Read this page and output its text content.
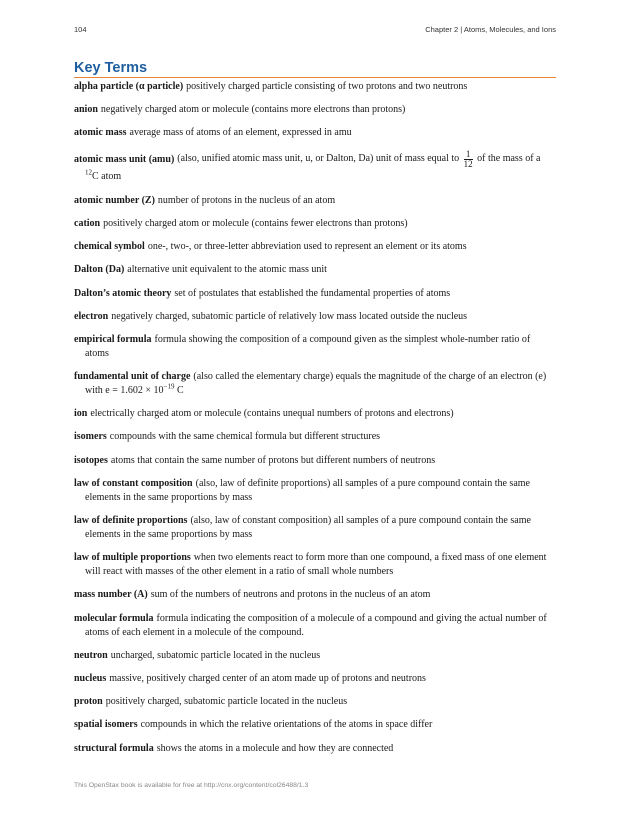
104	Chapter 2 | Atoms, Molecules, and Ions
Key Terms
alpha particle (α particle) positively charged particle consisting of two protons and two neutrons
anion negatively charged atom or molecule (contains more electrons than protons)
atomic mass average mass of atoms of an element, expressed in amu
atomic mass unit (amu) (also, unified atomic mass unit, u, or Dalton, Da) unit of mass equal to $\frac{1}{12}$ of the mass of a $^{12}$C atom
atomic number (Z) number of protons in the nucleus of an atom
cation positively charged atom or molecule (contains fewer electrons than protons)
chemical symbol one-, two-, or three-letter abbreviation used to represent an element or its atoms
Dalton (Da) alternative unit equivalent to the atomic mass unit
Dalton’s atomic theory set of postulates that established the fundamental properties of atoms
electron negatively charged, subatomic particle of relatively low mass located outside the nucleus
empirical formula formula showing the composition of a compound given as the simplest whole-number ratio of atoms
fundamental unit of charge (also called the elementary charge) equals the magnitude of the charge of an electron (e) with $e = 1.602 \times 10^{-19}$ C
ion electrically charged atom or molecule (contains unequal numbers of protons and electrons)
isomers compounds with the same chemical formula but different structures
isotopes atoms that contain the same number of protons but different numbers of neutrons
law of constant composition (also, law of definite proportions) all samples of a pure compound contain the same elements in the same proportions by mass
law of definite proportions (also, law of constant composition) all samples of a pure compound contain the same elements in the same proportions by mass
law of multiple proportions when two elements react to form more than one compound, a fixed mass of one element will react with masses of the other element in a ratio of small whole numbers
mass number (A) sum of the numbers of neutrons and protons in the nucleus of an atom
molecular formula formula indicating the composition of a molecule of a compound and giving the actual number of atoms of each element in a molecule of the compound.
neutron uncharged, subatomic particle located in the nucleus
nucleus massive, positively charged center of an atom made up of protons and neutrons
proton positively charged, subatomic particle located in the nucleus
spatial isomers compounds in which the relative orientations of the atoms in space differ
structural formula shows the atoms in a molecule and how they are connected
This OpenStax book is available for free at http://cnx.org/content/col26488/1.3
